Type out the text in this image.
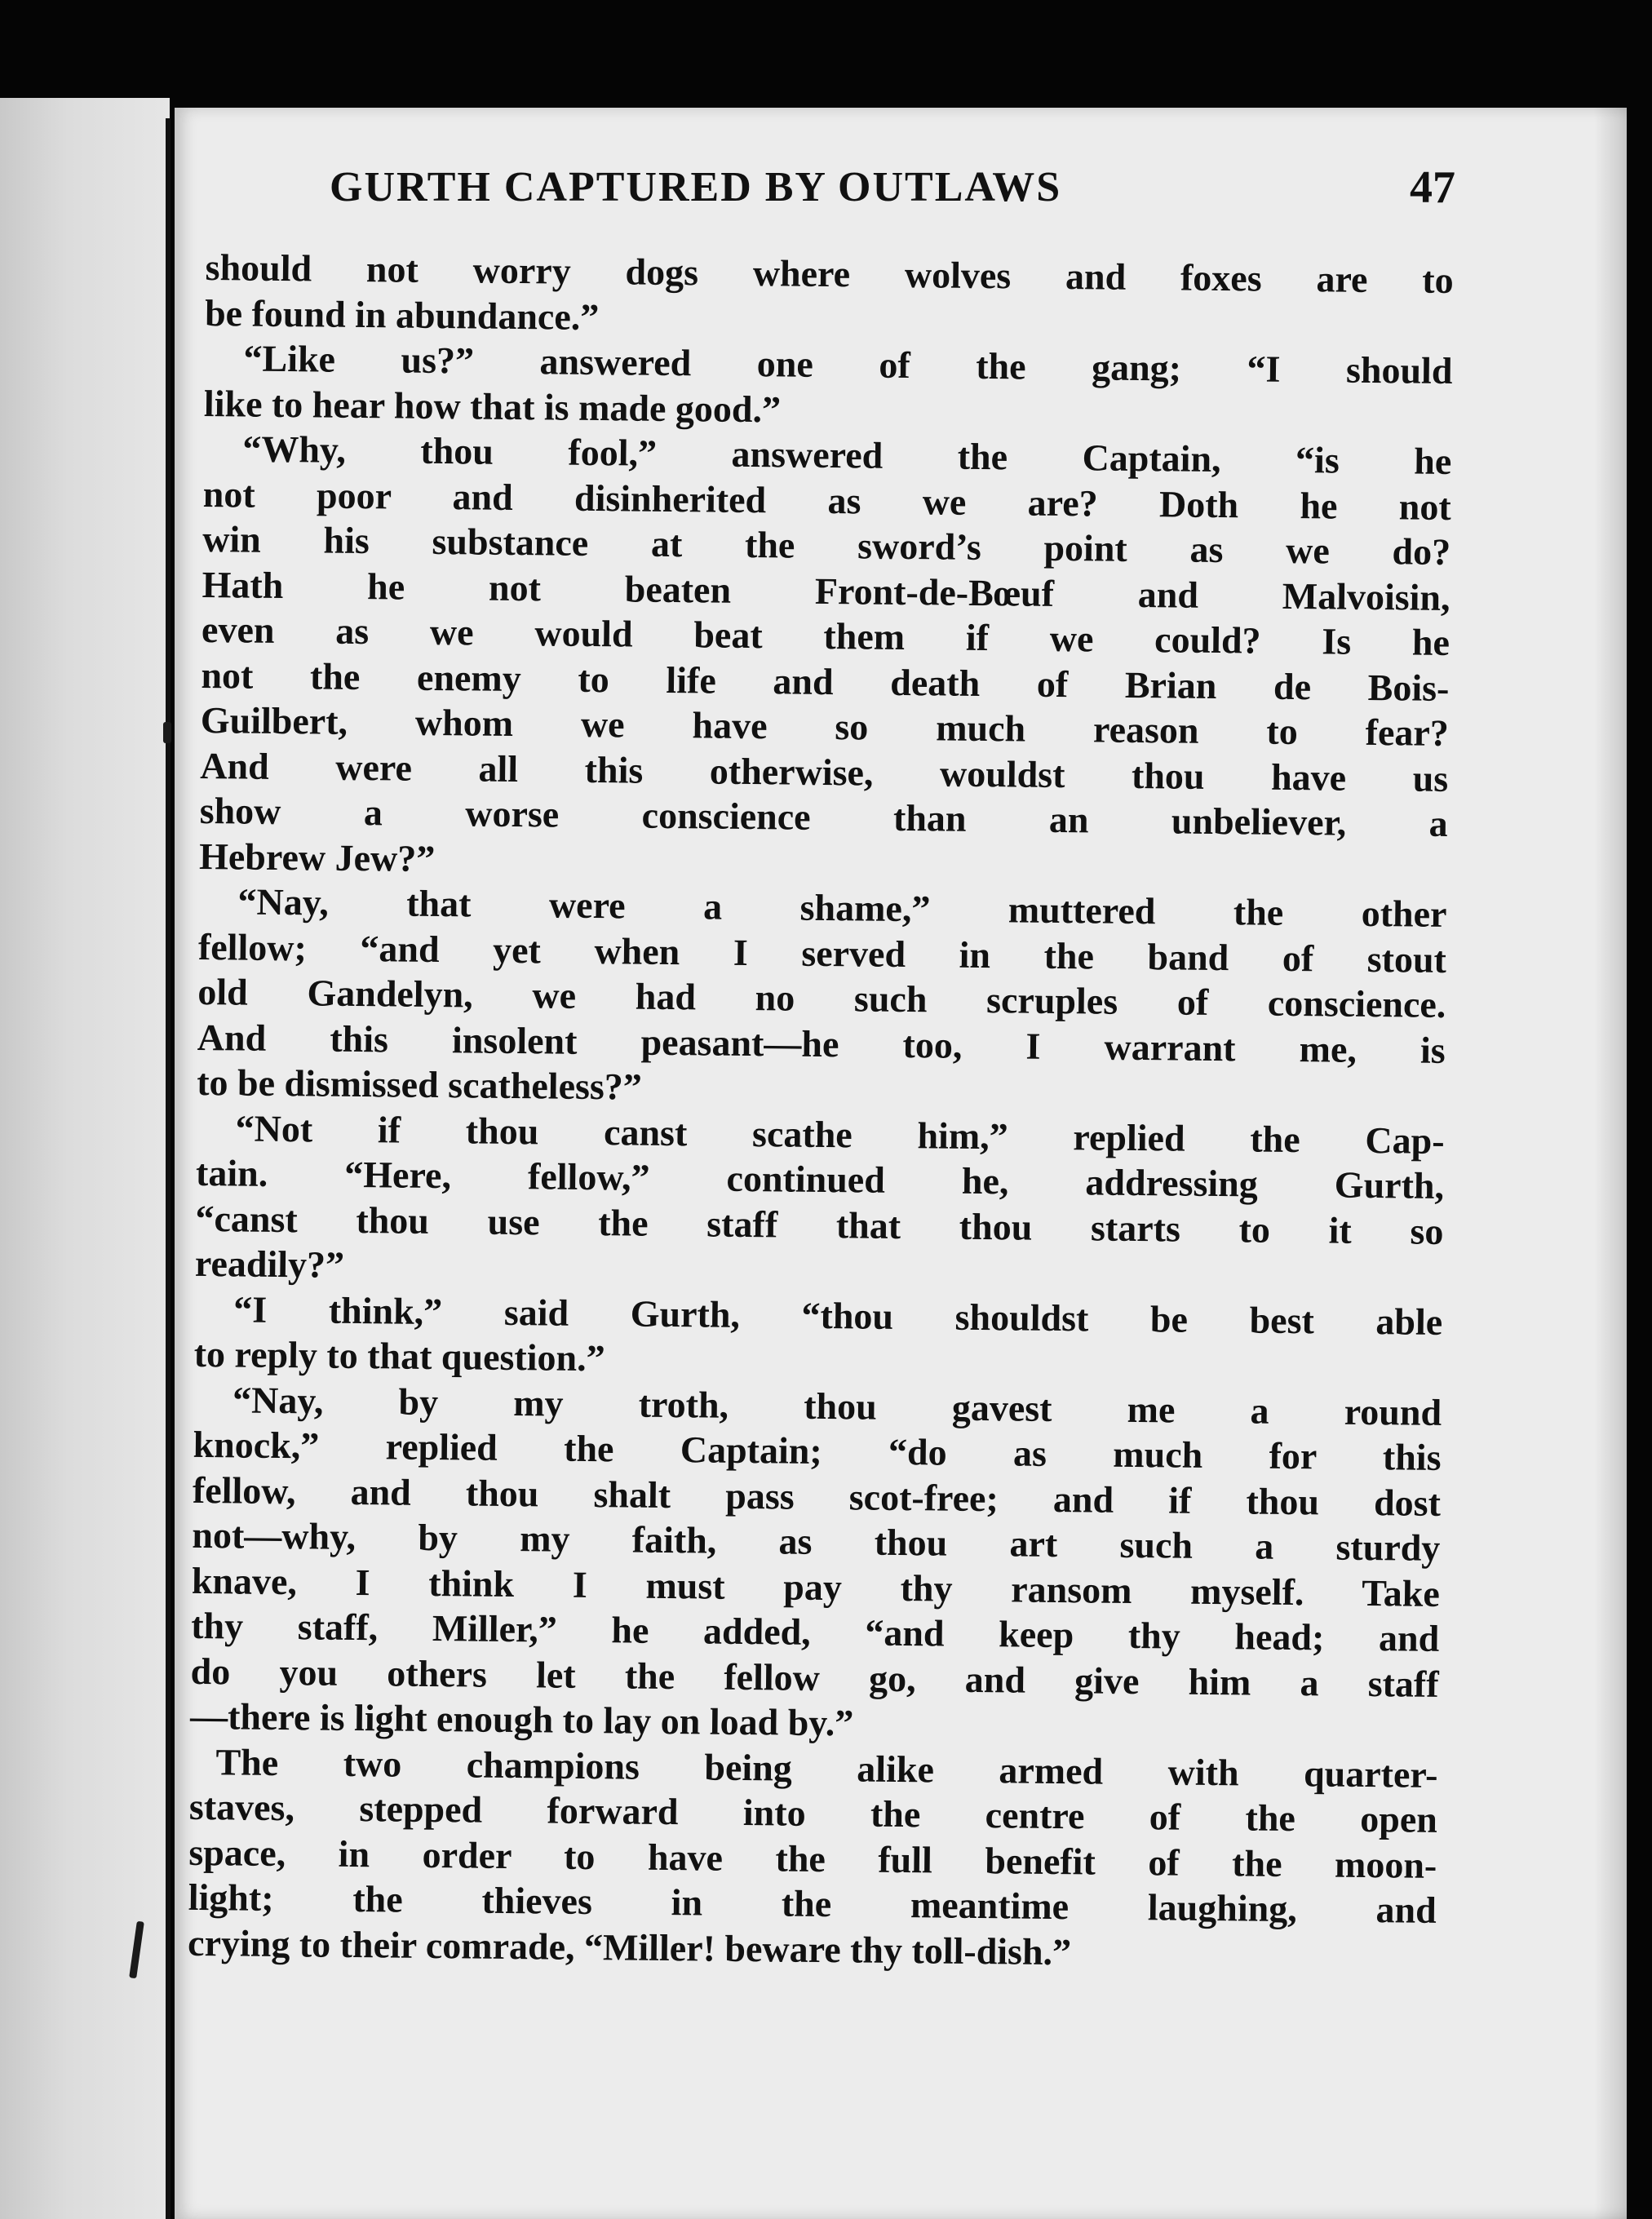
GURTH CAPTURED BY OUTLAWS	47
should not worry dogs where wolves and foxes are to
be found in abundance.”
“Like us?” answered one of the gang; “I should
like to hear how that is made good.”
“Why, thou fool,” answered the Captain, “is he
not poor and disinherited as we are? Doth he not
win his substance at the sword’s point as we do?
Hath he not beaten Front-de-Bœuf and Malvoisin,
even as we would beat them if we could? Is he
not the enemy to life and death of Brian de Bois-
Guilbert, whom we have so much reason to fear?
And were all this otherwise, wouldst thou have us
show a worse conscience than an unbeliever, a
Hebrew Jew?”
“Nay, that were a shame,” muttered the other
fellow; “and yet when I served in the band of stout
old Gandelyn, we had no such scruples of conscience.
And this insolent peasant—he too, I warrant me, is
to be dismissed scatheless?”
“Not if thou canst scathe him,” replied the Cap-
tain. “Here, fellow,” continued he, addressing Gurth,
“canst thou use the staff that thou starts to it so
readily?”
“I think,” said Gurth, “thou shouldst be best able
to reply to that question.”
“Nay, by my troth, thou gavest me a round
knock,” replied the Captain; “do as much for this
fellow, and thou shalt pass scot-free; and if thou dost
not—why, by my faith, as thou art such a sturdy
knave, I think I must pay thy ransom myself. Take
thy staff, Miller,” he added, “and keep thy head; and
do you others let the fellow go, and give him a staff
—there is light enough to lay on load by.”
The two champions being alike armed with quarter-
staves, stepped forward into the centre of the open
space, in order to have the full benefit of the moon-
light; the thieves in the meantime laughing, and
crying to their comrade, “Miller! beware thy toll-dish.”
